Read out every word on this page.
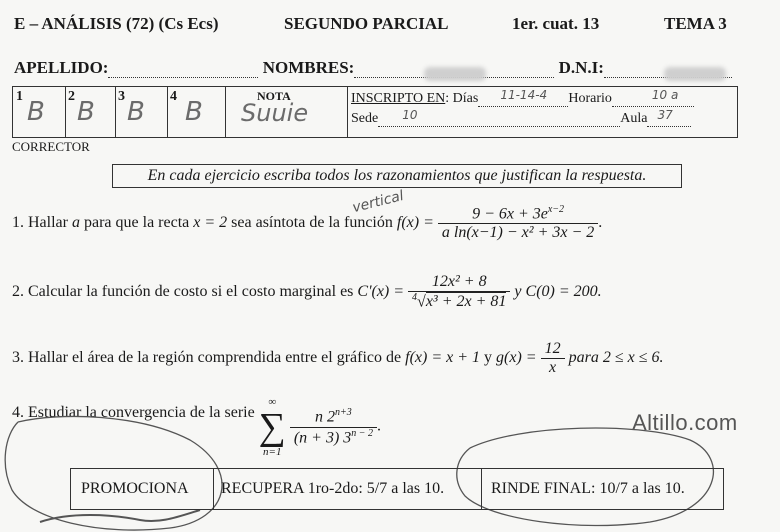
E – ANÁLISIS (72) (Cs Ecs)	SEGUNDO PARCIAL	1er. cuat. 13	TEMA 3
APELLIDO:	NOMBRES:	D.N.I:
1
B
2
B
3
B
4
B
NOTA
Suuie
INSCRIPTO EN: Días 11-14-4 Horario	10 a
Sede 10	Aula 37
CORRECTOR
En cada ejercicio escriba todos los razonamientos que justifican la respuesta.
vertical
1. Hallar a para que la recta x = 2 sea asíntota de la función $f(x) = \frac{9 - 6x + 3e^{x-2}}{\text{a ln(x−1) − x² + 3x − 2}}$ .
2. Calcular la función de costo si el costo marginal es $C'(x) = \frac{\text{12x² + 8}}{^4√x^3 + 2x + 81}$ y C(0) = 200.
3. Hallar el área de la región comprendida entre el gráfico de f(x) = x + 1 y $g(x) = \frac{12}{x}$ para 2 ≤ x ≤ 6.
4. Estudiar la convergencia de la serie
∞
∑
n=1

$\frac{n 2^{n+3}}{(n + 3) 3^{n - 2}}$ .	Altillo.com
PROMOCIONA RECUPERA 1ro-2do: 5/7 a las 10.	RINDE FINAL: 10/7 a las 10.
